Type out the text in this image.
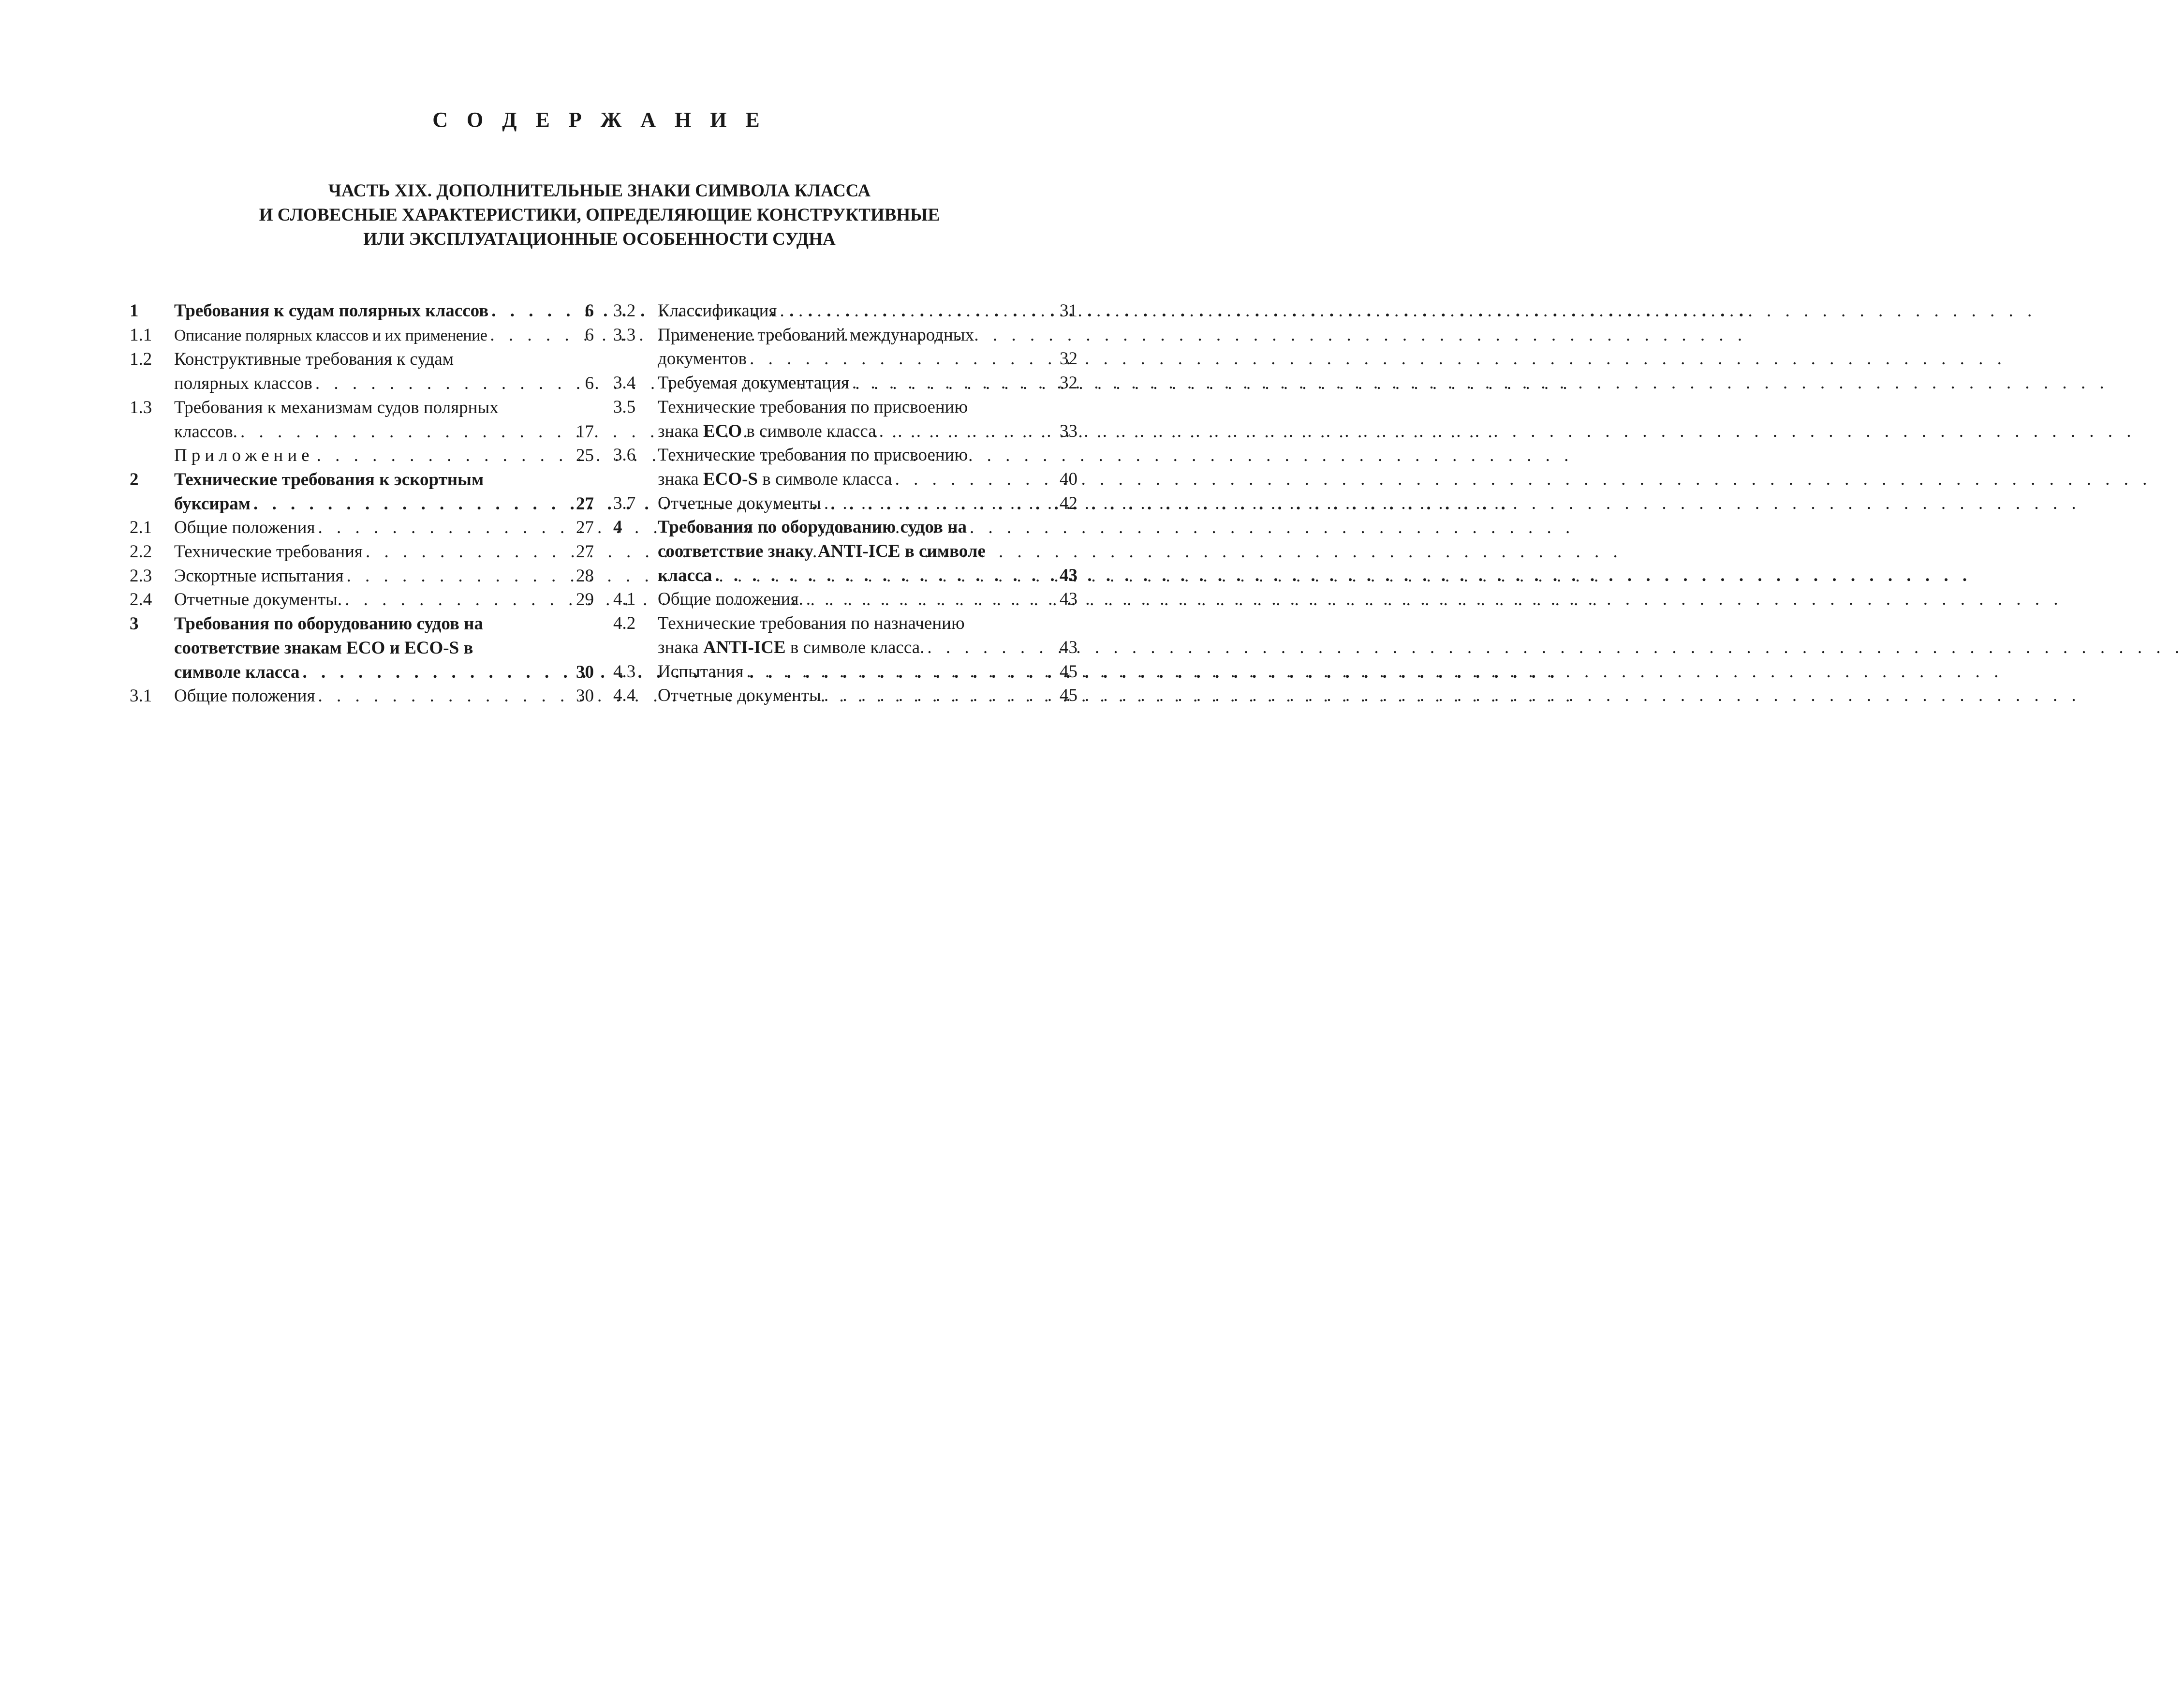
С О Д Е Р Ж А Н И Е
ЧАСТЬ XIX. ДОПОЛНИТЕЛЬНЫЕ ЗНАКИ СИМВОЛА КЛАССА
И СЛОВЕСНЫЕ ХАРАКТЕРИСТИКИ, ОПРЕДЕЛЯЮЩИЕ КОНСТРУКТИВНЫЕ
ИЛИ ЭКСПЛУАТАЦИОННЫЕ ОСОБЕННОСТИ СУДНА
1	Требования к судам полярных классов . . .	6
1.1	Описание полярных классов и их применение . . .	6
1.2	Конструктивные требования к судам
полярных классов . . .	6
1.3	Требования к механизмам судов полярных
классов. . . .	17
Приложение . . .	25
2	Технические требования к эскортным
буксирам . . .	27
2.1	Общие положения . . .	27
2.2	Технические требования . . .	27
2.3	Эскортные испытания . . .	28
2.4	Отчетные документы. . . .	29
3	Требования по оборудованию судов на
соответствие знакам ECO и ECO-S в
символе класса . . .	30
3.1	Общие положения . . .	30
3.2	Классификация . . .	31
3.3	Применение требований международных
документов . . .	32
3.4	Требуемая документация . . .	32
3.5	Технические требования по присвоению
знака ECO в символе класса . . .	33
3.6	Технические требования по присвоению
знака ECO-S в символе класса . . .	40
3.7	Отчетные документы . . .	42
4	Требования по оборудованию судов на
соответствие знаку ANTI-ICE в символе
класса . . .	43
4.1	Общие положения. . . .	43
4.2	Технические требования по назначению
знака ANTI-ICE в символе класса. . . .	43
4.3	Испытания . . .	45
4.4	Отчетные документы . . .	45
